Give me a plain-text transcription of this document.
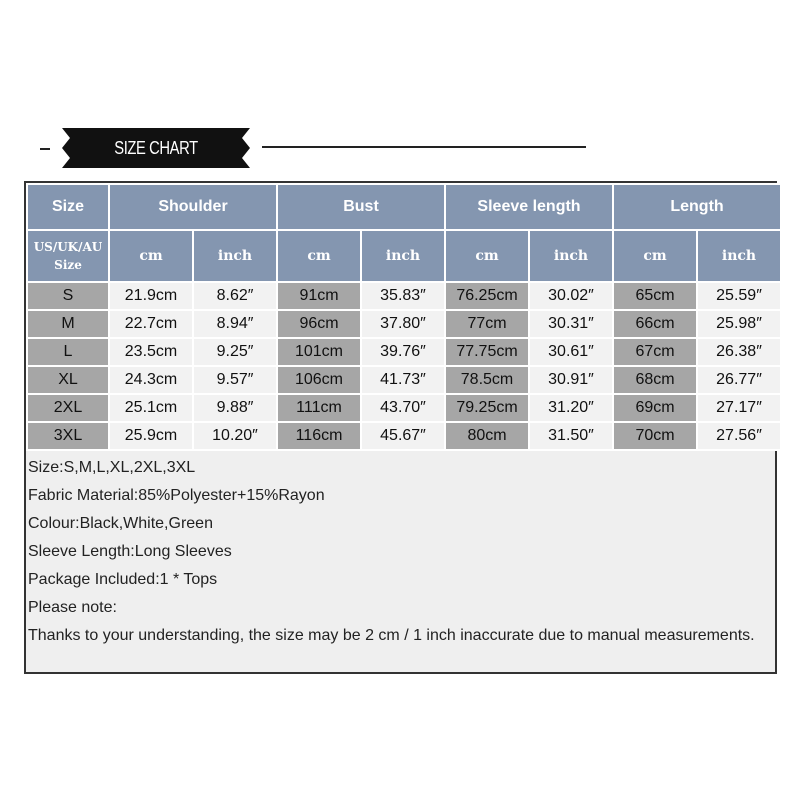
SIZE CHART
Size	Shoulder		Bust		Sleeve length		Length	

US/UK/AU
Size	cm	inch	cm	inch	cm	inch	cm	inch
S	21.9cm	8.62″	91cm	35.83″	76.25cm	30.02″	65cm	25.59″
M	22.7cm	8.94″	96cm	37.80″	77cm	30.31″	66cm	25.98″
L	23.5cm	9.25″	101cm	39.76″	77.75cm	30.61″	67cm	26.38″
XL	24.3cm	9.57″	106cm	41.73″	78.5cm	30.91″	68cm	26.77″
2XL	25.1cm	9.88″	111cm	43.70″	79.25cm	31.20″	69cm	27.17″
3XL	25.9cm	10.20″	116cm	45.67″	80cm	31.50″	70cm	27.56″
Size:S,M,L,XL,2XL,3XL
Fabric Material:85%Polyester+15%Rayon
Colour:Black,White,Green
Sleeve Length:Long Sleeves
Package Included:1 * Tops
Please note:
Thanks to your understanding, the size may be 2 cm / 1 inch inaccurate due to manual measurements.
